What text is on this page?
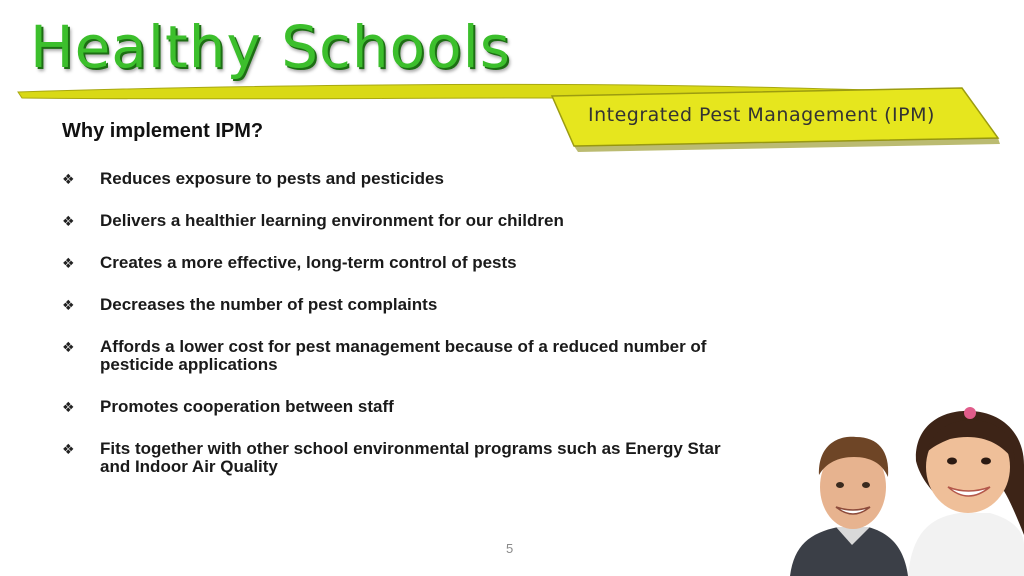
Healthy Schools
Integrated Pest Management (IPM)
Why implement IPM?
❖ Reduces exposure to pests and pesticides
❖ Delivers a healthier learning environment for our children
❖ Creates a more effective, long-term control of pests
❖ Decreases the number of pest complaints
❖ Affords a lower cost for pest management because of a reduced number of pesticide applications
❖ Promotes cooperation between staff
❖ Fits together with other school environmental programs such as Energy Star and Indoor Air Quality
5
